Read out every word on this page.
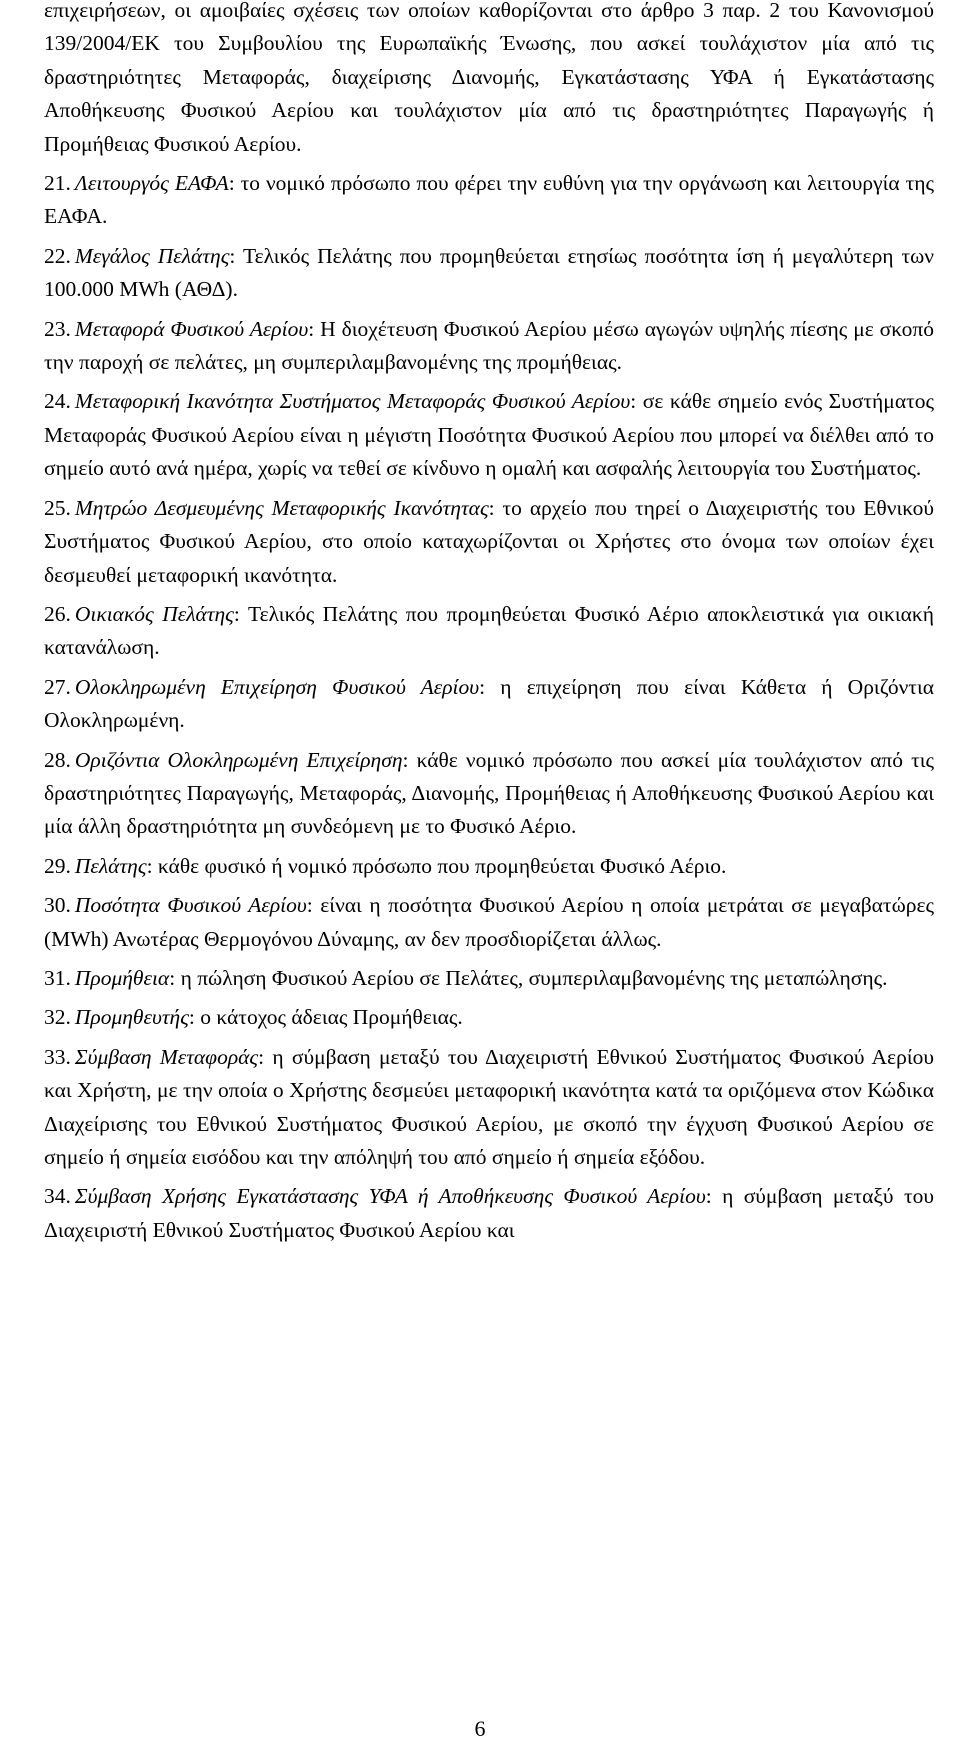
επιχειρήσεων, οι αμοιβαίες σχέσεις των οποίων καθορίζονται στο άρθρο 3 παρ. 2 του Κανονισμού 139/2004/ΕΚ του Συμβουλίου της Ευρωπαϊκής Ένωσης, που ασκεί τουλάχιστον μία από τις δραστηριότητες Μεταφοράς, διαχείρισης Διανομής, Εγκατάστασης ΥΦΑ ή Εγκατάστασης Αποθήκευσης Φυσικού Αερίου και τουλάχιστον μία από τις δραστηριότητες Παραγωγής ή Προμήθειας Φυσικού Αερίου.

21. Λειτουργός ΕΑΦΑ: το νομικό πρόσωπο που φέρει την ευθύνη για την οργάνωση και λειτουργία της ΕΑΦΑ.

22. Μεγάλος Πελάτης: Τελικός Πελάτης που προμηθεύεται ετησίως ποσότητα ίση ή μεγαλύτερη των 100.000 MWh (ΑΘΔ).

23. Μεταφορά Φυσικού Αερίου: Η διοχέτευση Φυσικού Αερίου μέσω αγωγών υψηλής πίεσης με σκοπό την παροχή σε πελάτες, μη συμπεριλαμβανομένης της προμήθειας.

24. Μεταφορική Ικανότητα Συστήματος Μεταφοράς Φυσικού Αερίου: σε κάθε σημείο ενός Συστήματος Μεταφοράς Φυσικού Αερίου είναι η μέγιστη Ποσότητα Φυσικού Αερίου που μπορεί να διέλθει από το σημείο αυτό ανά ημέρα, χωρίς να τεθεί σε κίνδυνο η ομαλή και ασφαλής λειτουργία του Συστήματος.

25. Μητρώο Δεσμευμένης Μεταφορικής Ικανότητας: το αρχείο που τηρεί ο Διαχειριστής του Εθνικού Συστήματος Φυσικού Αερίου, στο οποίο καταχωρίζονται οι Χρήστες στο όνομα των οποίων έχει δεσμευθεί μεταφορική ικανότητα.

26. Οικιακός Πελάτης: Τελικός Πελάτης που προμηθεύεται Φυσικό Αέριο αποκλειστικά για οικιακή κατανάλωση.

27. Ολοκληρωμένη Επιχείρηση Φυσικού Αερίου: η επιχείρηση που είναι Κάθετα ή Οριζόντια Ολοκληρωμένη.

28. Οριζόντια Ολοκληρωμένη Επιχείρηση: κάθε νομικό πρόσωπο που ασκεί μία τουλάχιστον από τις δραστηριότητες Παραγωγής, Μεταφοράς, Διανομής, Προμήθειας ή Αποθήκευσης Φυσικού Αερίου και μία άλλη δραστηριότητα μη συνδεόμενη με το Φυσικό Αέριο.

29. Πελάτης: κάθε φυσικό ή νομικό πρόσωπο που προμηθεύεται Φυσικό Αέριο.

30. Ποσότητα Φυσικού Αερίου: είναι η ποσότητα Φυσικού Αερίου η οποία μετράται σε μεγαβατώρες (MWh) Ανωτέρας Θερμογόνου Δύναμης, αν δεν προσδιορίζεται άλλως.

31. Προμήθεια: η πώληση Φυσικού Αερίου σε Πελάτες, συμπεριλαμβανομένης της μεταπώλησης.

32. Προμηθευτής: ο κάτοχος άδειας Προμήθειας.

33. Σύμβαση Μεταφοράς: η σύμβαση μεταξύ του Διαχειριστή Εθνικού Συστήματος Φυσικού Αερίου και Χρήστη, με την οποία ο Χρήστης δεσμεύει μεταφορική ικανότητα κατά τα οριζόμενα στον Κώδικα Διαχείρισης του Εθνικού Συστήματος Φυσικού Αερίου, με σκοπό την έγχυση Φυσικού Αερίου σε σημείο ή σημεία εισόδου και την απόληψή του από σημείο ή σημεία εξόδου.

34. Σύμβαση Χρήσης Εγκατάστασης ΥΦΑ ή Αποθήκευσης Φυσικού Αερίου: η σύμβαση μεταξύ του Διαχειριστή Εθνικού Συστήματος Φυσικού Αερίου και

6
